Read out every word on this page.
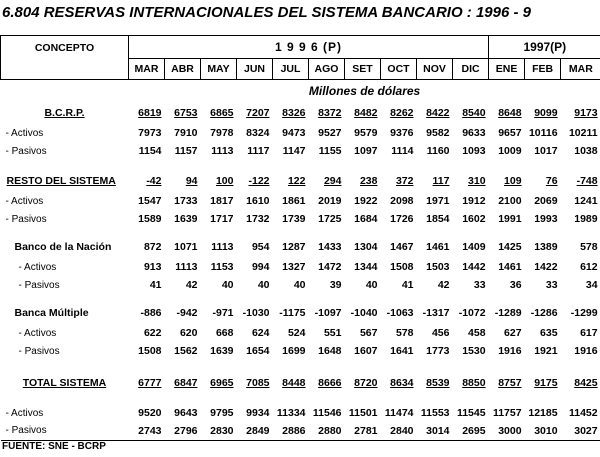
6.804 RESERVAS INTERNACIONALES DEL SISTEMA BANCARIO : 1996 - 9
CONCEPTO	1 9 9 6 (P)										1997(P)		
	MAR	ABR	MAY	JUN	JUL	AGO	SET	OCT	NOV	DIC	ENE	FEB	MAR
	Millones de dólares												
B.C.R.P.	6819	6753	6865	7207	8326	8372	8482	8262	8422	8540	8648	9099	9173
- Activos	7973	7910	7978	8324	9473	9527	9579	9376	9582	9633	9657	10116	10211
- Pasivos	1154	1157	1113	1117	1147	1155	1097	1114	1160	1093	1009	1017	1038

RESTO DEL SISTEMA	-42	94	100	-122	122	294	238	372	117	310	109	76	-748
- Activos	1547	1733	1817	1610	1861	2019	1922	2098	1971	1912	2100	2069	1241
- Pasivos	1589	1639	1717	1732	1739	1725	1684	1726	1854	1602	1991	1993	1989

Banco de la Nación	872	1071	1113	954	1287	1433	1304	1467	1461	1409	1425	1389	578
- Activos	913	1113	1153	994	1327	1472	1344	1508	1503	1442	1461	1422	612
- Pasivos	41	42	40	40	40	39	40	41	42	33	36	33	34

Banca Múltiple	-886	-942	-971	-1030	-1175	-1097	-1040	-1063	-1317	-1072	-1289	-1286	-1299
- Activos	622	620	668	624	524	551	567	578	456	458	627	635	617
- Pasivos	1508	1562	1639	1654	1699	1648	1607	1641	1773	1530	1916	1921	1916

TOTAL SISTEMA	6777	6847	6965	7085	8448	8666	8720	8634	8539	8850	8757	9175	8425

- Activos	9520	9643	9795	9934	11334	11546	11501	11474	11553	11545	11757	12185	11452
- Pasivos	2743	2796	2830	2849	2886	2880	2781	2840	3014	2695	3000	3010	3027

FUENTE: SNE - BCRP
